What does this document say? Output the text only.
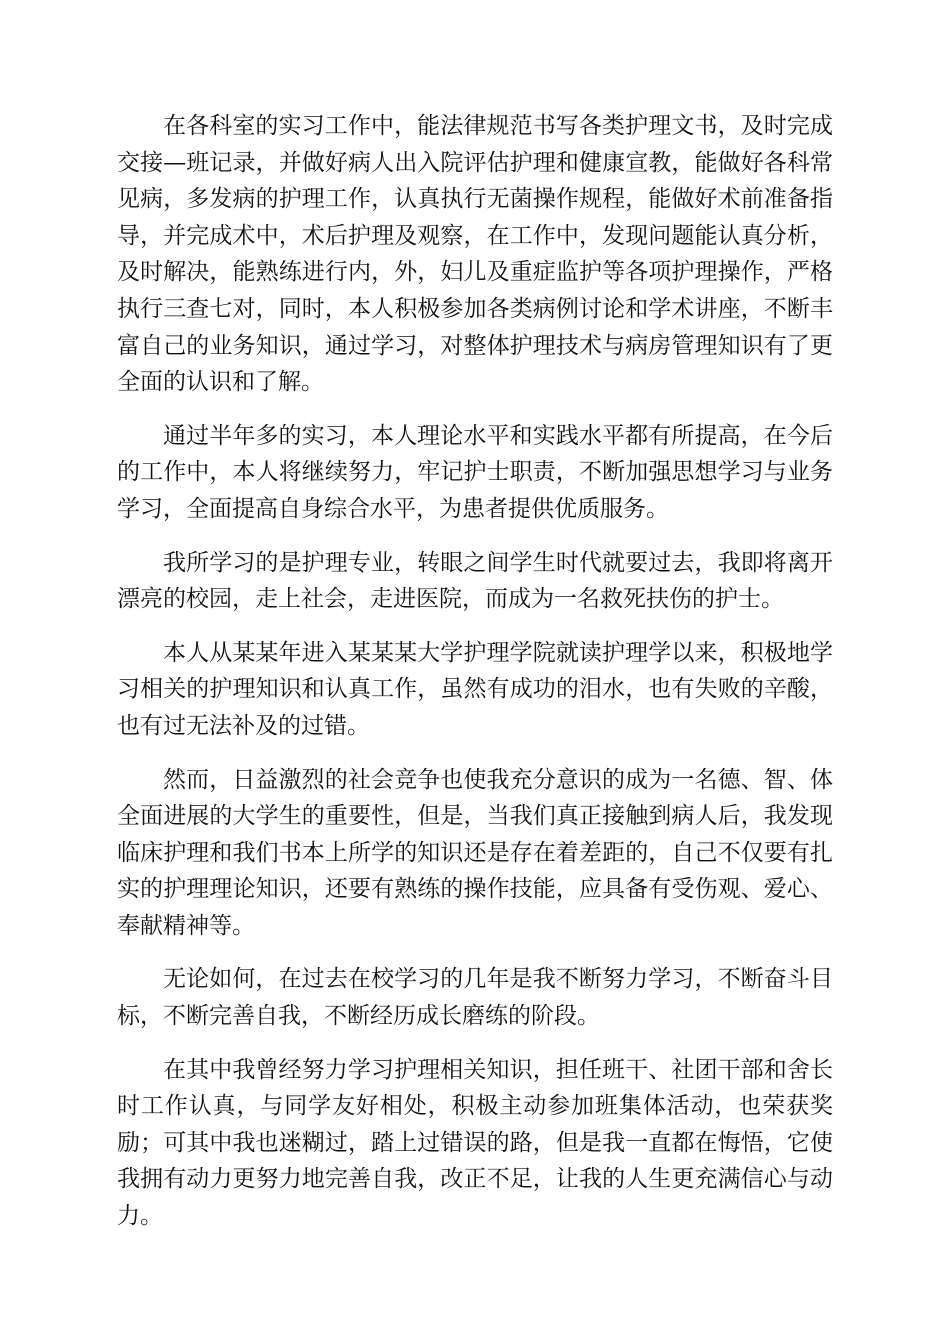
在各科室的实习工作中，能法律规范书写各类护理文书，及时完成交接—班记录，并做好病人出入院评估护理和健康宣教，能做好各科常见病，多发病的护理工作，认真执行无菌操作规程，能做好术前准备指导，并完成术中，术后护理及观察，在工作中，发现问题能认真分析，及时解决，能熟练进行内，外，妇儿及重症监护等各项护理操作，严格执行三查七对，同时，本人积极参加各类病例讨论和学术讲座，不断丰富自己的业务知识，通过学习，对整体护理技术与病房管理知识有了更全面的认识和了解。

通过半年多的实习，本人理论水平和实践水平都有所提高，在今后的工作中，本人将继续努力，牢记护士职责，不断加强思想学习与业务学习，全面提高自身综合水平，为患者提供优质服务。

我所学习的是护理专业，转眼之间学生时代就要过去，我即将离开漂亮的校园，走上社会，走进医院，而成为一名救死扶伤的护士。

本人从某某年进入某某某大学护理学院就读护理学以来，积极地学习相关的护理知识和认真工作，虽然有成功的泪水，也有失败的辛酸，也有过无法补及的过错。

然而，日益激烈的社会竞争也使我充分意识的成为一名德、智、体全面进展的大学生的重要性，但是，当我们真正接触到病人后，我发现临床护理和我们书本上所学的知识还是存在着差距的，自己不仅要有扎实的护理理论知识，还要有熟练的操作技能，应具备有受伤观、爱心、奉献精神等。

无论如何，在过去在校学习的几年是我不断努力学习，不断奋斗目标，不断完善自我，不断经历成长磨练的阶段。

在其中我曾经努力学习护理相关知识，担任班干、社团干部和舍长时工作认真，与同学友好相处，积极主动参加班集体活动，也荣获奖励；可其中我也迷糊过，踏上过错误的路，但是我一直都在悔悟，它使我拥有动力更努力地完善自我，改正不足，让我的人生更充满信心与动力。
